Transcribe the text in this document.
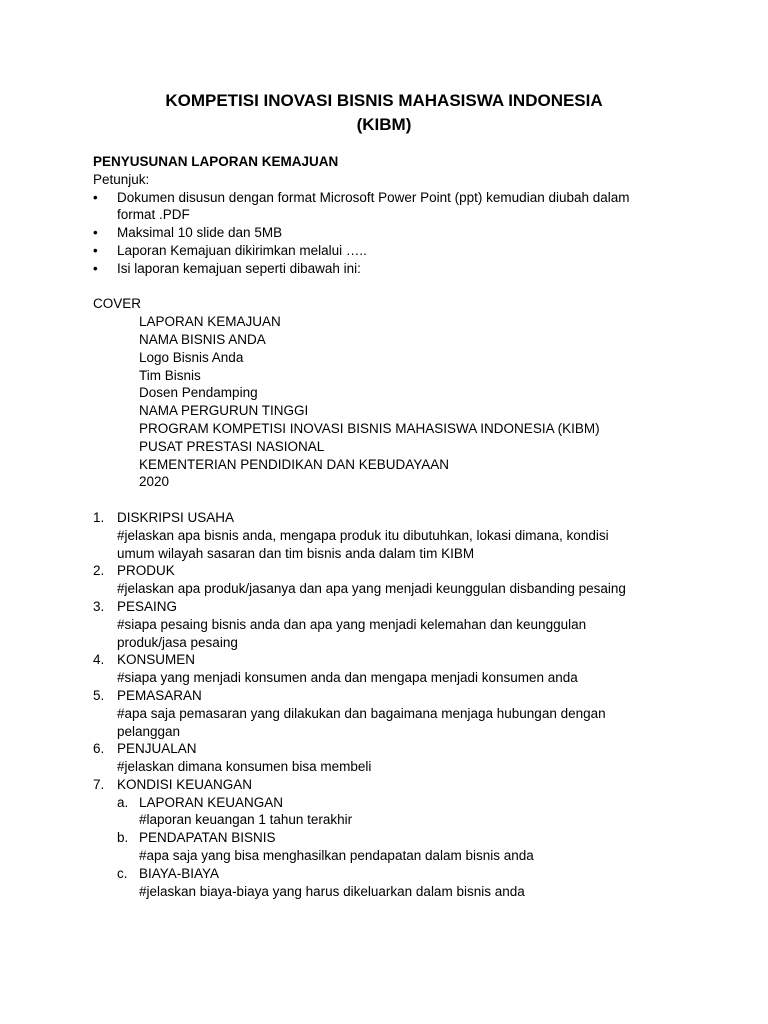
KOMPETISI INOVASI BISNIS MAHASISWA INDONESIA
(KIBM)
PENYUSUNAN LAPORAN KEMAJUAN
Petunjuk:
• Dokumen disusun dengan format Microsoft Power Point (ppt) kemudian diubah dalam
format .PDF
• Maksimal 10 slide dan 5MB
• Laporan Kemajuan dikirimkan melalui …..
• Isi laporan kemajuan seperti dibawah ini:
COVER
LAPORAN KEMAJUAN
NAMA BISNIS ANDA
Logo Bisnis Anda
Tim Bisnis
Dosen Pendamping
NAMA PERGURUN TINGGI
PROGRAM KOMPETISI INOVASI BISNIS MAHASISWA INDONESIA (KIBM)
PUSAT PRESTASI NASIONAL
KEMENTERIAN PENDIDIKAN DAN KEBUDAYAAN
2020
1. DISKRIPSI USAHA
#jelaskan apa bisnis anda, mengapa produk itu dibutuhkan, lokasi dimana, kondisi
umum wilayah sasaran dan tim bisnis anda dalam tim KIBM
2. PRODUK
#jelaskan apa produk/jasanya dan apa yang menjadi keunggulan disbanding pesaing
3. PESAING
#siapa pesaing bisnis anda dan apa yang menjadi kelemahan dan keunggulan
produk/jasa pesaing
4. KONSUMEN
#siapa yang menjadi konsumen anda dan mengapa menjadi konsumen anda
5. PEMASARAN
#apa saja pemasaran yang dilakukan dan bagaimana menjaga hubungan dengan
pelanggan
6. PENJUALAN
#jelaskan dimana konsumen bisa membeli
7. KONDISI KEUANGAN
a. LAPORAN KEUANGAN
#laporan keuangan 1 tahun terakhir
b. PENDAPATAN BISNIS
#apa saja yang bisa menghasilkan pendapatan dalam bisnis anda
c. BIAYA-BIAYA
#jelaskan biaya-biaya yang harus dikeluarkan dalam bisnis anda
